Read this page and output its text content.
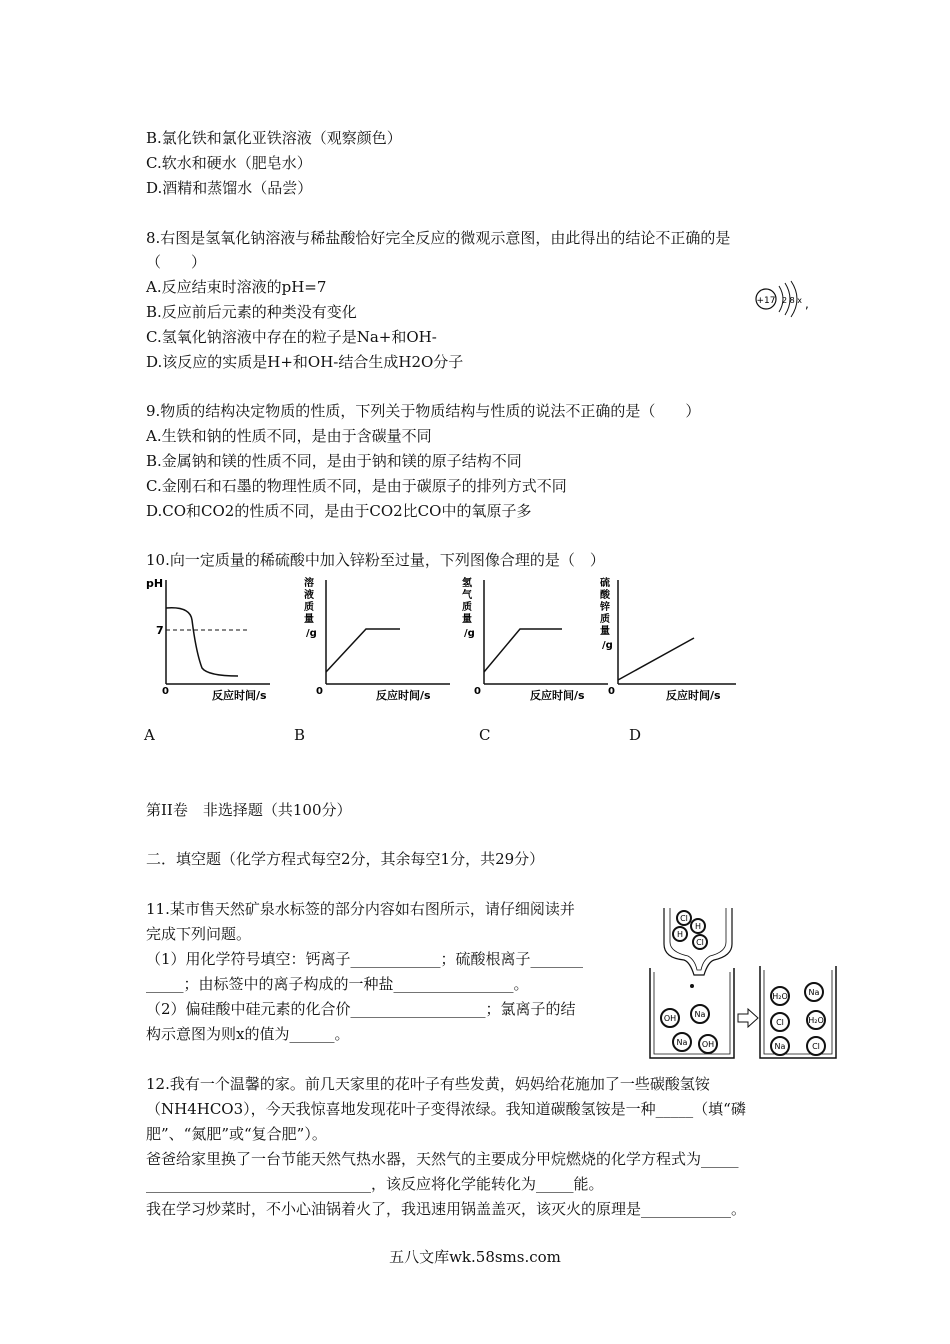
B.氯化铁和氯化亚铁溶液（观察颜色）
C.软水和硬水（肥皂水）
D.酒精和蒸馏水（品尝）
8.右图是氢氧化钠溶液与稀盐酸恰好完全反应的微观示意图，由此得出的结论不正确的是
（　　）
A.反应结束时溶液的pH=7
B.反应前后元素的种类没有变化
C.氢氧化钠溶液中存在的粒子是Na+和OH-
D.该反应的实质是H+和OH-结合生成H2O分子
+17 2 8 x ,
9.物质的结构决定物质的性质，下列关于物质结构与性质的说法不正确的是（　　）
A.生铁和钠的性质不同，是由于含碳量不同
B.金属钠和镁的性质不同，是由于钠和镁的原子结构不同
C.金刚石和石墨的物理性质不同，是由于碳原子的排列方式不同
D.CO和CO2的性质不同，是由于CO2比CO中的氧原子多
10.向一定质量的稀硫酸中加入锌粉至过量，下列图像合理的是（　）
pH
7
0	反应时间/s
溶
液
质
量
/g
0	反应时间/s
氢
气
质
量
/g
0	反应时间/s
硫
酸
锌
质
量
/g
0	反应时间/s
A	B	C	D
第II卷　非选择题（共100分）
二．填空题（化学方程式每空2分，其余每空1分，共29分）
11.某市售天然矿泉水标签的部分内容如右图所示，请仔细阅读并
完成下列问题。
（1）用化学符号填空：钙离子____________；硫酸根离子_______
_____；由标签中的离子构成的一种盐________________。
（2）偏硅酸中硅元素的化合价__________________；氯离子的结
构示意图为则x的值为______。
Cl
H
H
Cl
OH Na
Na OH
H₂O	Na
Cl	H₂O
Na	Cl
12.我有一个温馨的家。前几天家里的花叶子有些发黄，妈妈给花施加了一些碳酸氢铵
（NH4HCO3），今天我惊喜地发现花叶子变得浓绿。我知道碳酸氢铵是一种_____（填“磷
肥”、“氮肥”或“复合肥”）。
爸爸给家里换了一台节能天然气热水器，天然气的主要成分甲烷燃烧的化学方程式为_____
______________________________，该反应将化学能转化为_____能。
我在学习炒菜时，不小心油锅着火了，我迅速用锅盖盖灭，该灭火的原理是____________。
五八文库wk.58sms.com
